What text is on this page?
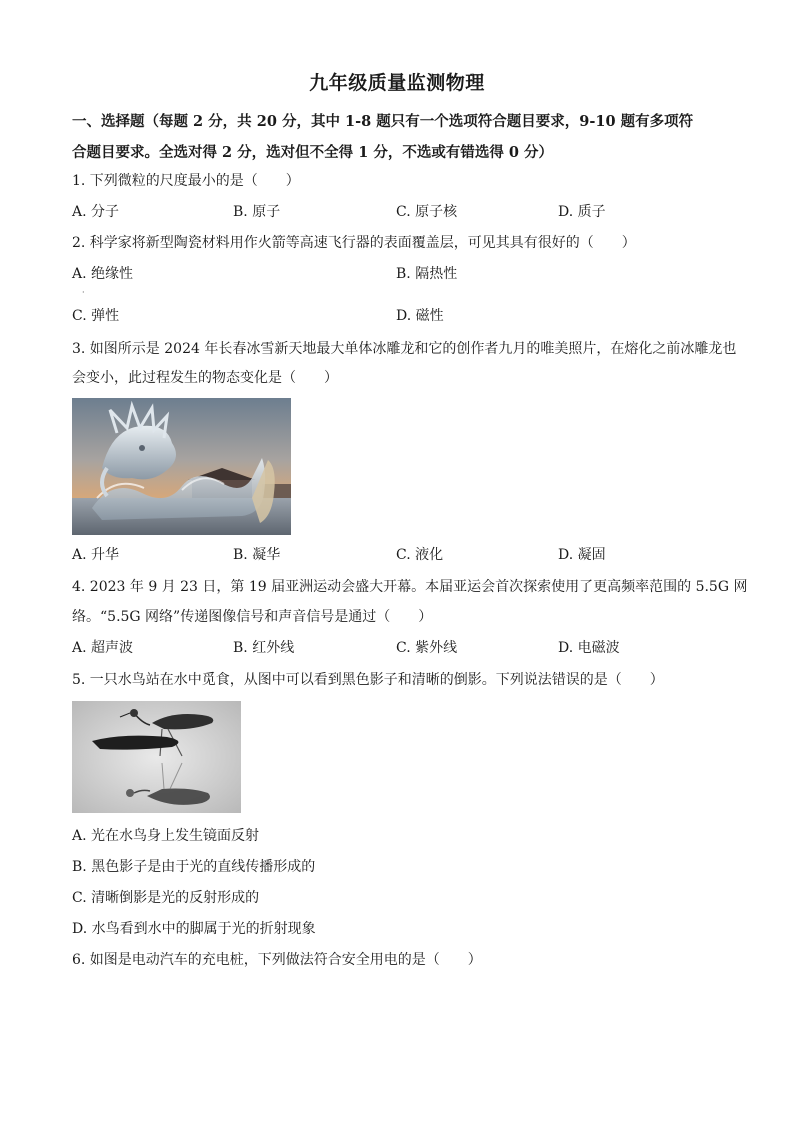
九年级质量监测物理
一、选择题（每题 2 分，共 20 分，其中 1-8 题只有一个选项符合题目要求，9-10 题有多项符
合题目要求。全选对得 2 分，选对但不全得 1 分，不选或有错选得 0 分）
1. 下列微粒的尺度最小的是（　　）
A. 分子	B. 原子	C. 原子核	D. 质子
2. 科学家将新型陶瓷材料用作火箭等高速飞行器的表面覆盖层，可见其具有很好的（　　）
A. 绝缘性	B. 隔热性
·
C. 弹性	D. 磁性
3. 如图所示是 2024 年长春冰雪新天地最大单体冰雕龙和它的创作者九月的唯美照片，在熔化之前冰雕龙也
会变小，此过程发生的物态变化是（　　）
A. 升华	B. 凝华	C. 液化	D. 凝固
4. 2023 年 9 月 23 日，第 19 届亚洲运动会盛大开幕。本届亚运会首次探索使用了更高频率范围的 5.5G 网
络。“5.5G 网络”传递图像信号和声音信号是通过（　　）
A. 超声波	B. 红外线	C. 紫外线	D. 电磁波
5. 一只水鸟站在水中觅食，从图中可以看到黑色影子和清晰的倒影。下列说法错误的是（　　）
A. 光在水鸟身上发生镜面反射
B. 黑色影子是由于光的直线传播形成的
C. 清晰倒影是光的反射形成的
D. 水鸟看到水中的脚属于光的折射现象
6. 如图是电动汽车的充电桩，下列做法符合安全用电的是（　　）
